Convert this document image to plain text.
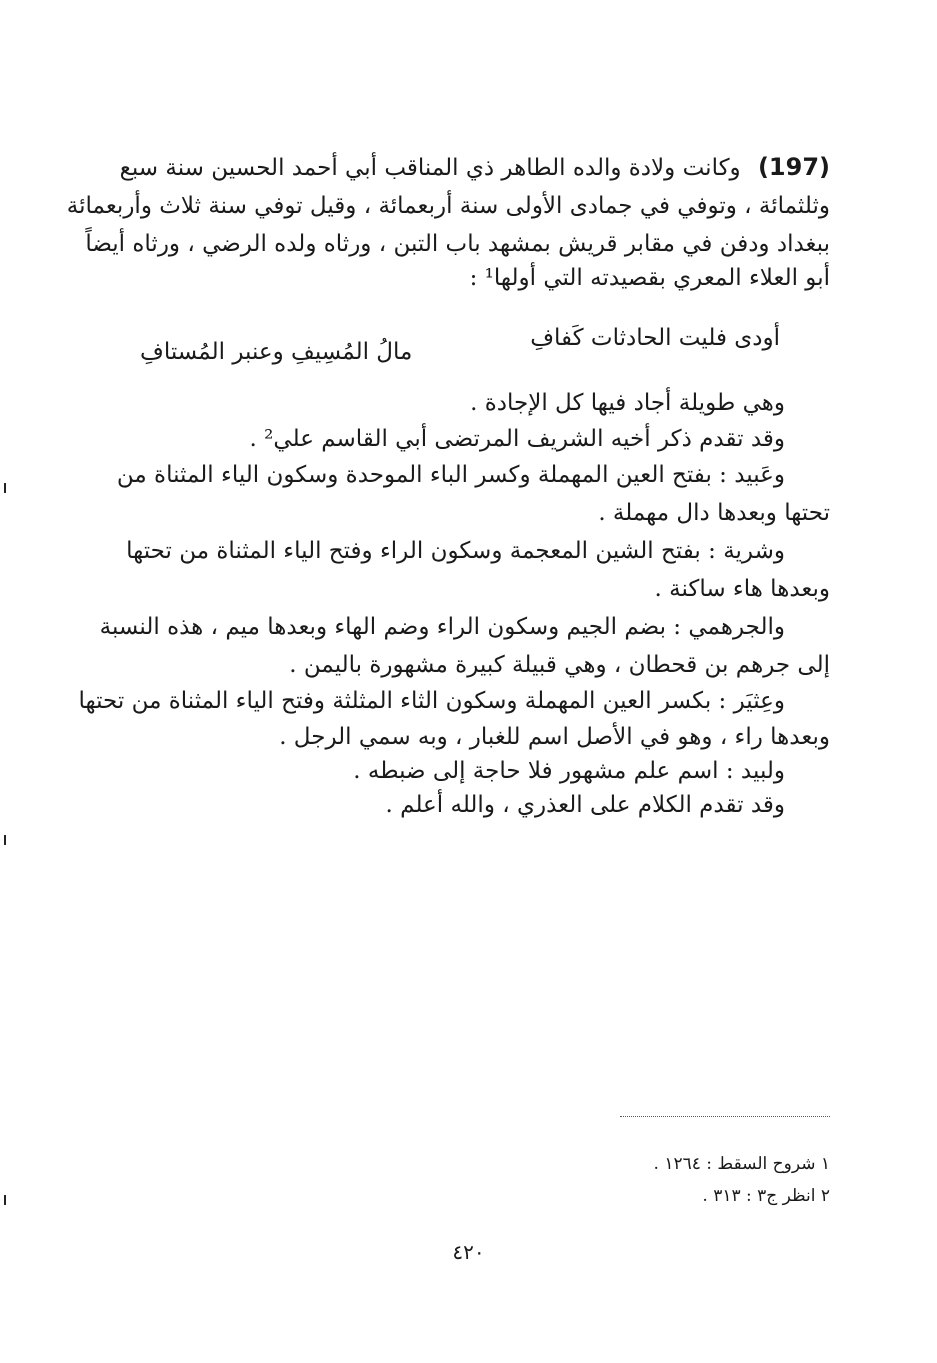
(197) وكانت ولادة والده الطاهر ذي المناقب أبي أحمد الحسين سنة سبع
وثلثمائة ، وتوفي في جمادى الأولى سنة أربعمائة ، وقيل توفي سنة ثلاث وأربعمائة
ببغداد ودفن في مقابر قريش بمشهد باب التبن ، ورثاه ولده الرضي ، ورثاه أيضاً
أبو العلاء المعري بقصيدته التي أولها¹ :
أودى فليت الحادثات كَفافِ
مالُ المُسِيفِ وعنبر المُستافِ
وهي طويلة أجاد فيها كل الإجادة .
وقد تقدم ذكر أخيه الشريف المرتضى أبي القاسم علي² .
وعَبيد : بفتح العين المهملة وكسر الباء الموحدة وسكون الياء المثناة من
تحتها وبعدها دال مهملة .
وشرية : بفتح الشين المعجمة وسكون الراء وفتح الياء المثناة من تحتها
وبعدها هاء ساكنة .
والجرهمي : بضم الجيم وسكون الراء وضم الهاء وبعدها ميم ، هذه النسبة
إلى جرهم بن قحطان ، وهي قبيلة كبيرة مشهورة باليمن .
وعِثيَر : بكسر العين المهملة وسكون الثاء المثلثة وفتح الياء المثناة من تحتها
وبعدها راء ، وهو في الأصل اسم للغبار ، وبه سمي الرجل .
ولبيد : اسم علم مشهور فلا حاجة إلى ضبطه .
وقد تقدم الكلام على العذري ، والله أعلم .
١ شروح السقط : ١٢٦٤ .
٢ انظر ج٣ : ٣١٣ .
٤٢٠
